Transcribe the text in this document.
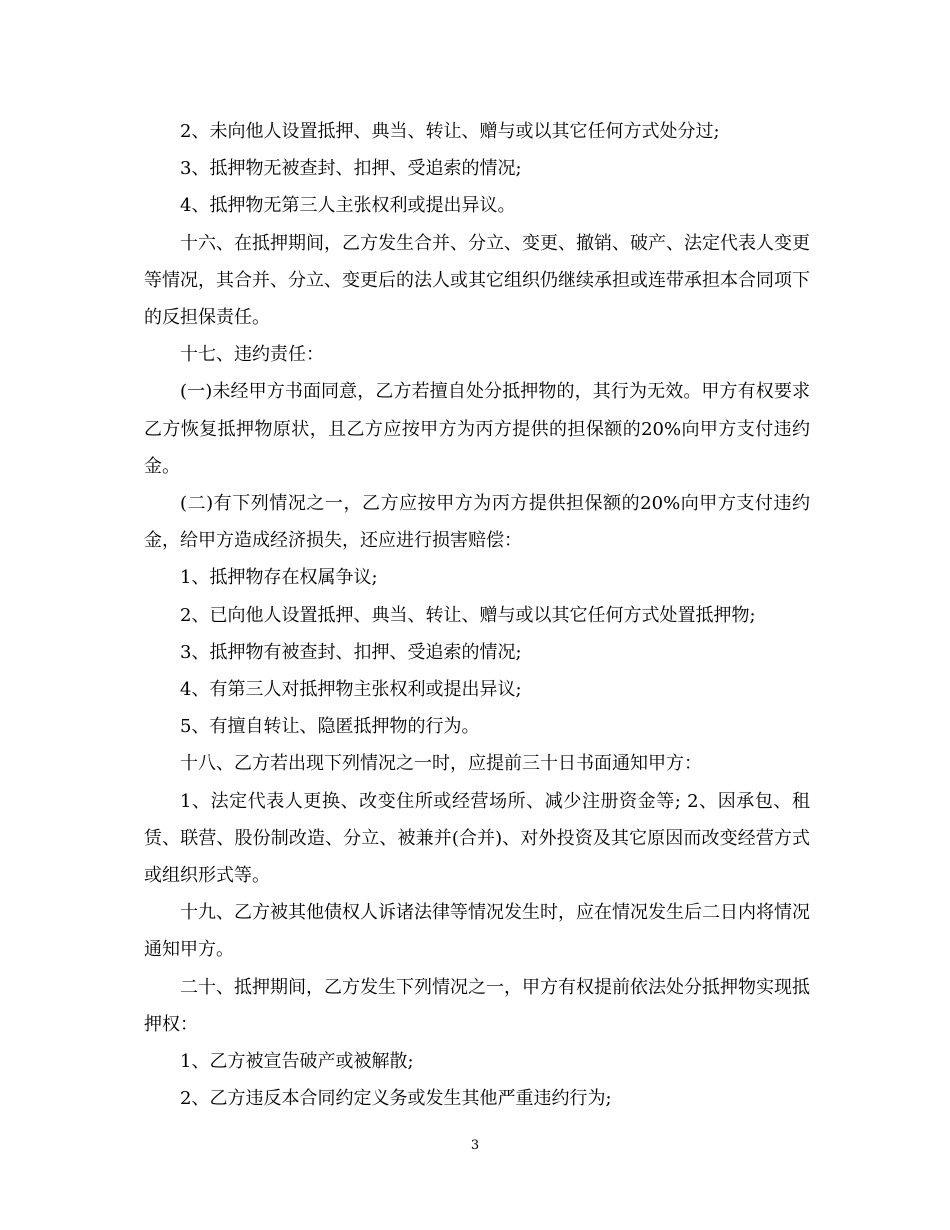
2、未向他人设置抵押、典当、转让、赠与或以其它任何方式处分过;

3、抵押物无被查封、扣押、受追索的情况;

4、抵押物无第三人主张权利或提出异议。

十六、在抵押期间，乙方发生合并、分立、变更、撤销、破产、法定代表人变更等情况，其合并、分立、变更后的法人或其它组织仍继续承担或连带承担本合同项下的反担保责任。

十七、违约责任：

(一)未经甲方书面同意，乙方若擅自处分抵押物的，其行为无效。甲方有权要求乙方恢复抵押物原状，且乙方应按甲方为丙方提供的担保额的20%向甲方支付违约金。

(二)有下列情况之一，乙方应按甲方为丙方提供担保额的20%向甲方支付违约金，给甲方造成经济损失，还应进行损害赔偿：

1、抵押物存在权属争议;

2、已向他人设置抵押、典当、转让、赠与或以其它任何方式处置抵押物;

3、抵押物有被查封、扣押、受追索的情况;

4、有第三人对抵押物主张权利或提出异议;

5、有擅自转让、隐匿抵押物的行为。

十八、乙方若出现下列情况之一时，应提前三十日书面通知甲方：

1、法定代表人更换、改变住所或经营场所、减少注册资金等; 2、因承包、租赁、联营、股份制改造、分立、被兼并(合并)、对外投资及其它原因而改变经营方式或组织形式等。

十九、乙方被其他债权人诉诸法律等情况发生时，应在情况发生后二日内将情况通知甲方。

二十、抵押期间，乙方发生下列情况之一，甲方有权提前依法处分抵押物实现抵押权：

1、乙方被宣告破产或被解散;

2、乙方违反本合同约定义务或发生其他严重违约行为;

3
